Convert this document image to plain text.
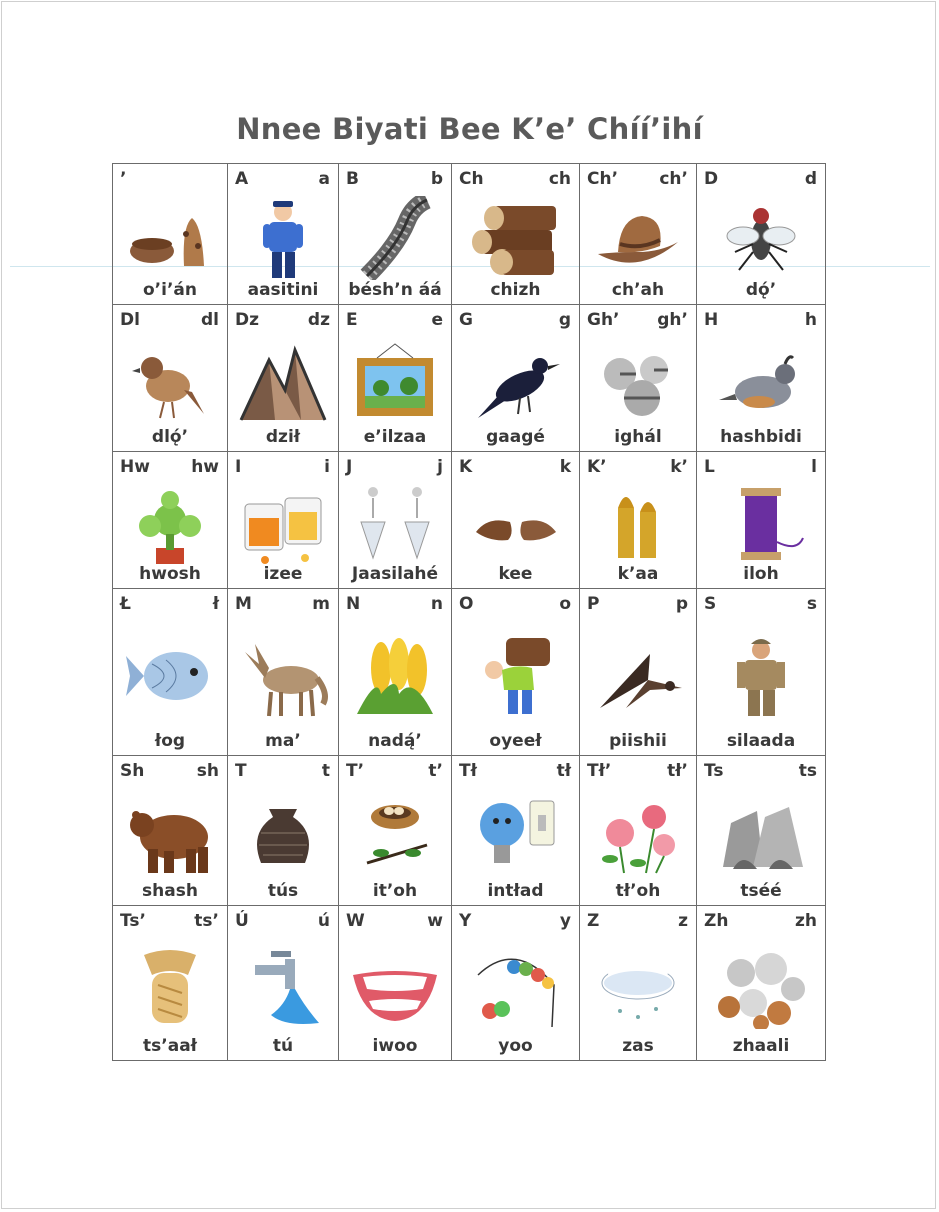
Nnee Biyati Bee K’e’ Chíí’ihí
’
o’i’án
A	a
aasitini
B	b
bésh’n áá
Ch	ch
chizh
Ch’ ch’
ch’ah
D	d
dǫ́’
Dl	dl
dlǫ́’
Dz	dz
dził
E	e
e’ilzaa
G	g
gaagé
Gh’ gh’
ighál
H	h
hashbidi
Hw hw
hwosh
I	i
izee
J	j
Jaasilahé
K	k
kee
K’	k’
k’aa
L	l
iloh
Ł	ł
łog
M	m
ma’
N	n
nadą́’
O	o
oyeeł
P	p
piishii
S	s
silaada
Sh	sh
shash
T	t
tús
T’	t’
it’oh
Tł	tł
intład
Tł’	tł’
tł’oh
Ts	ts
tséé
Ts’	ts’
ts’aał
Ú	ú
tú
W	w
iwoo
Y	y
yoo
Z	z
zas
Zh	zh
zhaali
